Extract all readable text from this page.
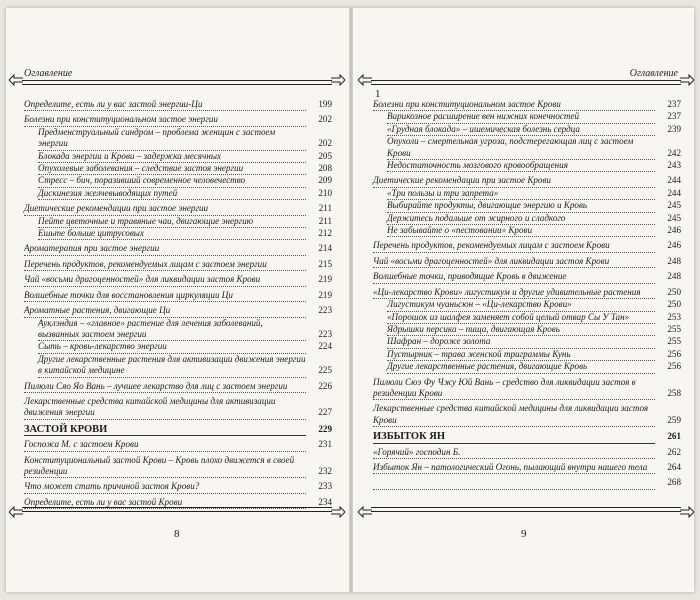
Оглавление
Определите, есть ли у вас застой энергии-Ци	199
Болезни при конституциональном застое энергии	202
Предменструальный синдром – проблема женщин с застоем энергии	202
Блокада энергии и Крови – задержка месячных	205
Опухолевые заболевания – следствие застоя энергии	208
Стресс – бич, поразивший современное человечество	209
Дискинезия желчевыводящих путей	210
Диетические рекомендации при застое энергии	211
Пейте цветочные и травяные чаи, двигающие энергию	211
Ешьте больше цитрусовых	212
Ароматерапия при застое энергии	214
Перечень продуктов, рекомендуемых лицам с застоем энергии	215
Чай «восьми драгоценностей» для ликвидации застоя Крови	219
Волшебные точки для восстановления циркуляции Ци	219
Ароматные растения, двигающие Ци	223
Ауклэндия – «главное» растение для лечения заболеваний, вызванных застоем энергии	223
Сыть – кровь-лекарство энергии	224
Другие лекарственные растения для активизации движения энергии в китайской медицине	225
Пилюли Сяо Яо Вань – лучшее лекарство для лиц с застоем энергии	226
Лекарственные средства китайской медицины для активизации движения энергии	227
ЗАСТОЙ КРОВИ	229
Госпожа М. с застоем Крови	231
Конституциональный застой Крови – Кровь плохо движется в своей резиденции	232
Что может стать причиной застоя Крови?	233
Определите, есть ли у вас застой Крови	234
8
Оглавление
1
Болезни при конституциональном застое Крови	237
Варикозное расширение вен нижних конечностей	237
«Грудная блокада» – ишемическая болезнь сердца	239
Опухоли – смертельная угроза, подстерегающая лиц с застоем Крови	242
Недостаточность мозгового кровообращения	243
Диетические рекомендации при застое Крови	244
«Три пользы и три запрета»	244
Выбирайте продукты, двигающие энергию и Кровь	245
Держитесь подальше от жирного и сладкого	245
Не забывайте о «пестовании» Крови	246
Перечень продуктов, рекомендуемых лицам с застоем Крови	246
Чай «восьми драгоценностей» для ликвидации застоя Крови	248
Волшебные точки, приводящие Кровь в движение	248
«Ци-лекарство Крови» лигустикум и другие удивительные растения	250
Лигустикум чуаньсюн – «Ци-лекарство Крови»	250
«Порошок из шалфея заменяет собой целый отвар Сы У Тан»	253
Ядрышки персика – пища, двигающая Кровь	255
Шафран – дороже золота	255
Пустырник – трава женской триграммы Кунь	256
Другие лекарственные растения, двигающие Кровь	256
Пилюли Сюэ Фу Чжу Юй Вань – средство для ликвидации застоя в резиденции Крови	258
Лекарственные средства китайской медицины для ликвидации застоя Крови	259
ИЗБЫТОК ЯН	261
«Горячий» господин Б.	262
Избыток Ян – патологический Огонь, пылающий внутри нашего тела	264

268
9
